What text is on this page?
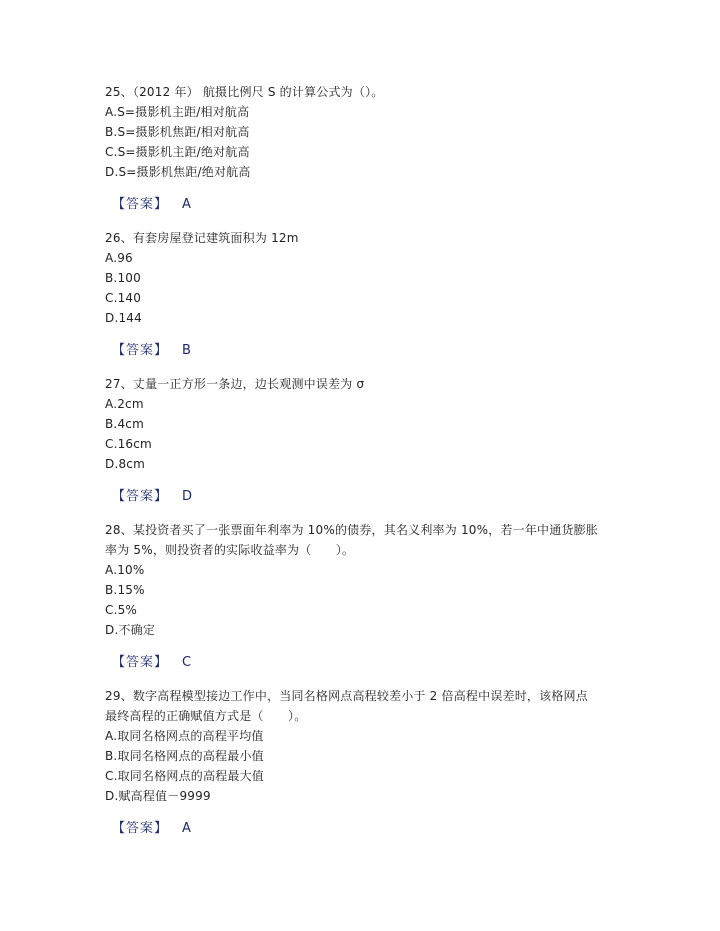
25、（2012 年） 航摄比例尺 S 的计算公式为（）。
A.S=摄影机主距/相对航高
B.S=摄影机焦距/相对航高
C.S=摄影机主距/绝对航高
D.S=摄影机焦距/绝对航高
【答案】 A
26、有套房屋登记建筑面积为 12m
A.96
B.100
C.140
D.144
【答案】 B
27、丈量一正方形一条边，边长观测中误差为 σ
A.2cm
B.4cm
C.16cm
D.8cm
【答案】 D
28、某投资者买了一张票面年利率为 10%的债券，其名义利率为 10%，若一年中通货膨胀
率为 5%，则投资者的实际收益率为（　　）。
A.10%
B.15%
C.5%
D.不确定
【答案】 C
29、数字高程模型接边工作中，当同名格网点高程较差小于 2 倍高程中误差时，该格网点
最终高程的正确赋值方式是（　　）。
A.取同名格网点的高程平均值
B.取同名格网点的高程最小值
C.取同名格网点的高程最大值
D.赋高程值－9999
【答案】 A
